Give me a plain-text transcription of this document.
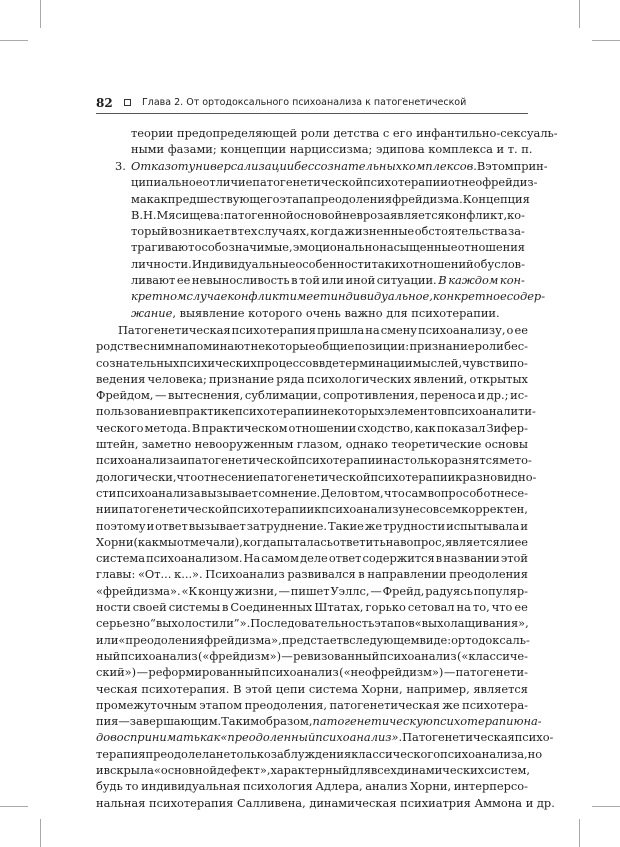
82	Глава 2. От ортодоксального психоанализа к патогенетической
теории предопределяющей роли детства с его инфантильно-сексуаль-
ными фазами; концепции нарциссизма; эдипова комплекса и т. п.
3. Отказ от универсализации бессознательных комплексов . В этом прин-
ципиальное отличие патогенетической психотерапии от неофрейдиз-
ма как предшествующего этапа преодоления фрейдизма. Концепция
В. Н. Мясищева: патогенной основой невроза является конфликт, ко-
торый возникает в тех случаях, когда жизненные обстоятельства за-
трагивают особо значимые, эмоционально насыщенные отношения
личности. Индивидуальные особенности таких отношений обуслов-
ливают ее невыносливость в той или иной ситуации. В каждом кон-
кретном случае конфликт имеет индивидуальное, конкретное содер-
жание, выявление которого очень важно для психотерапии.
Патогенетическая психотерапия пришла на смену психоанализу, о ее
родстве с ним напоминают некоторые общие позиции: признание роли бес-
сознательных психических процессов в детерминации мыслей, чувств и по-
ведения человека; признание ряда психологических явлений, открытых
Фрейдом, — вытеснения, сублимации, сопротивления, переноса и др.; ис-
пользование в практике психотерапии некоторых элементов психоаналити-
ческого метода. В практическом отношении сходство, как показал Зифер-
штейн, заметно невооруженным глазом, однако теоретические основы
психоанализа и патогенетической психотерапии настолько разнятся мето-
дологически, что отнесение патогенетической психотерапии к разновидно-
сти психоанализа вызывает сомнение. Дело в том, что сам вопрос об отнесе-
нии патогенетической психотерапии к психоанализу не совсем корректен,
поэтому и ответ вызывает затруднение. Такие же трудности испытывала и
Хорни (как мы отмечали), когда пыталась ответить на вопрос, является ли ее
система психоанализом. На самом деле ответ содержится в названии этой
главы: «От... к...». Психоанализ развивался в направлении преодоления
«фрейдизма». «К концу жизни, — пишет Уэллс, — Фрейд, радуясь популяр-
ности своей системы в Соединенных Штатах, горько сетовал на то, что ее
серьезно “выхолостили”». Последовательность этапов «выхолащивания»,
или «преодоления фрейдизма», предстает в следующем виде: ортодоксаль-
ный психоанализ («фрейдизм») — ревизованный психоанализ («классиче-
ский») — реформированный психоанализ («неофрейдизм») — патогенети-
ческая психотерапия. В этой цепи система Хорни, например, является
промежуточным этапом преодоления, патогенетическая же психотера-
пия — завершающим. Таким образом, патогенетическую психотерапию на-
до воспринимать как «преодоленный психоанализ» . Патогенетическая психо-
терапия преодолела не только заблуждения классического психоанализа, но
и вскрыла «основной дефект», характерный для всех динамических систем,
будь то индивидуальная психология Адлера, анализ Хорни, интерперсо-
нальная психотерапия Салливена, динамическая психиатрия Аммона и др.
